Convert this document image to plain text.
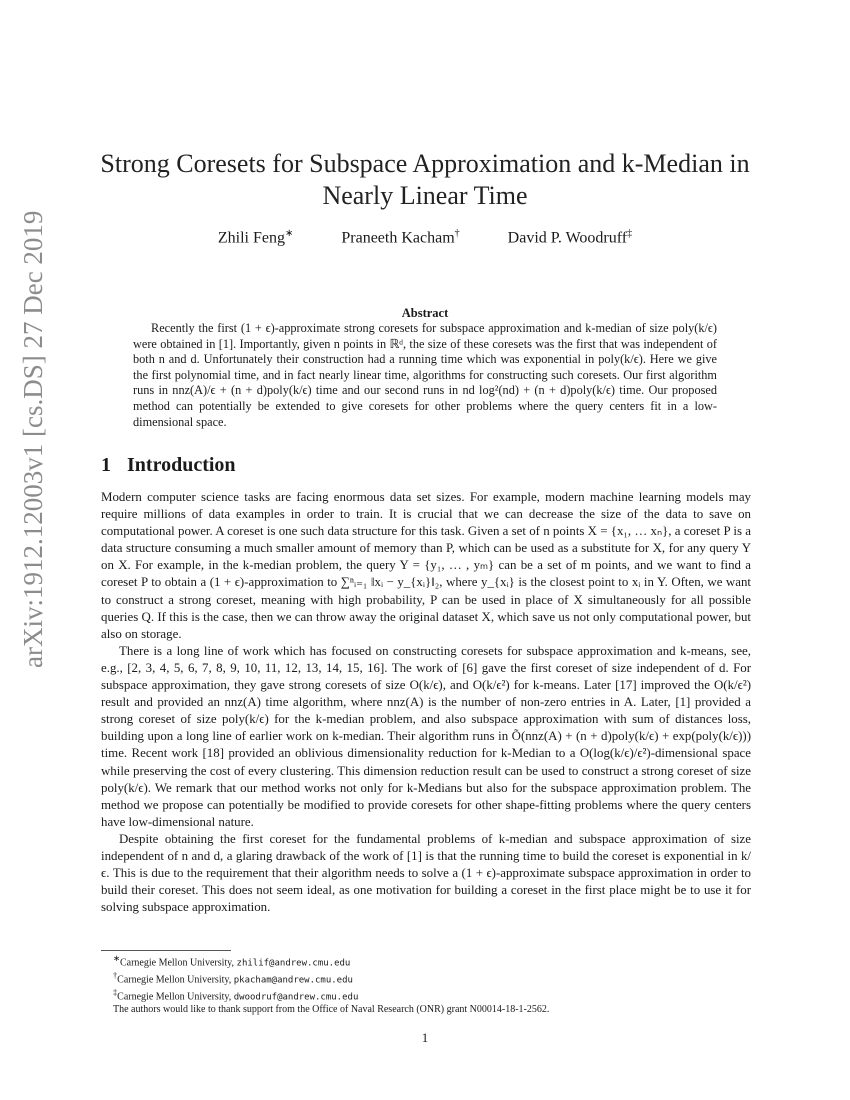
arXiv:1912.12003v1 [cs.DS] 27 Dec 2019
Strong Coresets for Subspace Approximation and k-Median in Nearly Linear Time
Zhili Feng∗	Praneeth Kacham†	David P. Woodruff‡
Abstract

Recently the first (1 + ϵ)-approximate strong coresets for subspace approximation and k-median of size poly(k/ϵ) were obtained in [1]. Importantly, given n points in ℝᵈ, the size of these coresets was the first that was independent of both n and d. Unfortunately their construction had a running time which was exponential in poly(k/ϵ). Here we give the first polynomial time, and in fact nearly linear time, algorithms for constructing such coresets. Our first algorithm runs in nnz(A)/ϵ + (n + d)poly(k/ϵ) time and our second runs in nd log²(nd) + (n + d)poly(k/ϵ) time. Our proposed method can potentially be extended to give coresets for other problems where the query centers fit in a low-dimensional space.

1 Introduction

Modern computer science tasks are facing enormous data set sizes. For example, modern machine learning models may require millions of data examples in order to train. It is crucial that we can decrease the size of the data to save on computational power. A coreset is one such data structure for this task. Given a set of n points X = {x₁, … xₙ}, a coreset P is a data structure consuming a much smaller amount of memory than P, which can be used as a substitute for X, for any query Y on X. For example, in the k-median problem, the query Y = {y₁, … , yₘ} can be a set of m points, and we want to find a coreset P to obtain a (1 + ϵ)-approximation to ∑ⁿᵢ₌₁ ‖xᵢ − y_{xᵢ}‖₂, where y_{xᵢ} is the closest point to xᵢ in Y. Often, we want to construct a strong coreset, meaning with high probability, P can be used in place of X simultaneously for all possible queries Q. If this is the case, then we can throw away the original dataset X, which save us not only computational power, but also on storage.

There is a long line of work which has focused on constructing coresets for subspace approximation and k-means, see, e.g., [2, 3, 4, 5, 6, 7, 8, 9, 10, 11, 12, 13, 14, 15, 16]. The work of [6] gave the first coreset of size independent of d. For subspace approximation, they gave strong coresets of size O(k/ϵ), and O(k/ϵ²) for k-means. Later [17] improved the O(k/ϵ²) result and provided an nnz(A) time algorithm, where nnz(A) is the number of non-zero entries in A. Later, [1] provided a strong coreset of size poly(k/ϵ) for the k-median problem, and also subspace approximation with sum of distances loss, building upon a long line of earlier work on k-median. Their algorithm runs in Õ(nnz(A) + (n + d)poly(k/ϵ) + exp(poly(k/ϵ))) time. Recent work [18] provided an oblivious dimensionality reduction for k-Median to a O(log(k/ϵ)/ϵ²)-dimensional space while preserving the cost of every clustering. This dimension reduction result can be used to construct a strong coreset of size poly(k/ϵ). We remark that our method works not only for k-Medians but also for the subspace approximation problem. The method we propose can potentially be modified to provide coresets for other shape-fitting problems where the query centers have low-dimensional nature.

Despite obtaining the first coreset for the fundamental problems of k-median and subspace approximation of size independent of n and d, a glaring drawback of the work of [1] is that the running time to build the coreset is exponential in k/ϵ. This is due to the requirement that their algorithm needs to solve a (1 + ϵ)-approximate subspace approximation in order to build their coreset. This does not seem ideal, as one motivation for building a coreset in the first place might be to use it for solving subspace approximation.

∗Carnegie Mellon University, zhilif@andrew.cmu.edu
†Carnegie Mellon University, pkacham@andrew.cmu.edu
‡Carnegie Mellon University, dwoodruf@andrew.cmu.edu
The authors would like to thank support from the Office of Naval Research (ONR) grant N00014-18-1-2562.
1
